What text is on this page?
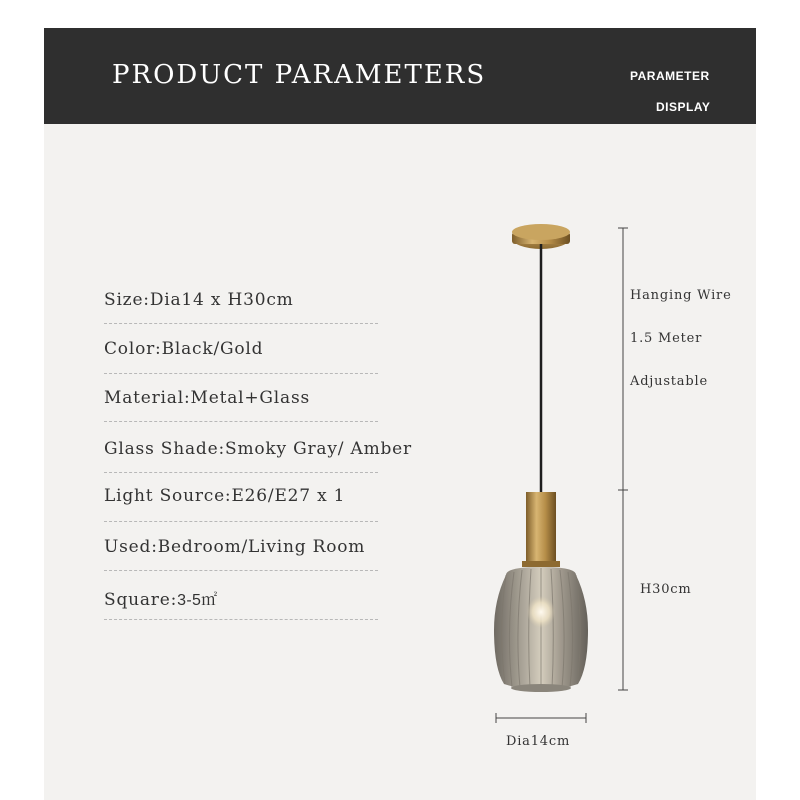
PRODUCT PARAMETERS	PARAMETER
DISPLAY
Size:Dia14 x H30cm
Color:Black/Gold
Material:Metal+Glass
Glass Shade:Smoky Gray/ Amber
Light Source:E26/E27 x 1
Used:Bedroom/Living Room
Square:3-5㎡
Hanging Wire
1.5 Meter
Adjustable
H30cm
Dia14cm
